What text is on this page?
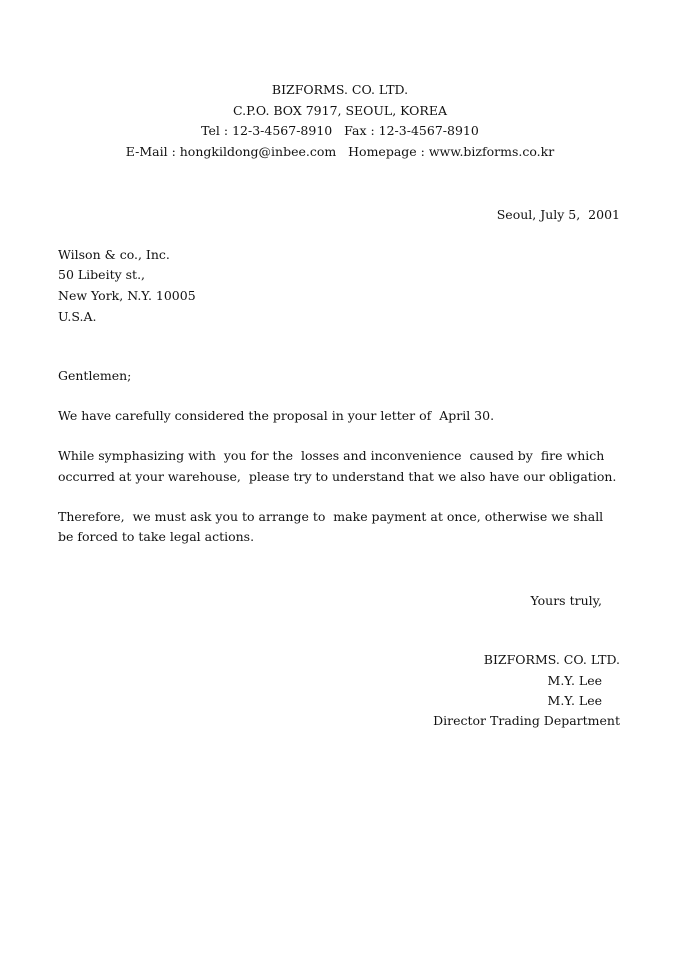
BIZFORMS. CO. LTD.
C.P.O. BOX 7917, SEOUL, KOREA
Tel : 12-3-4567-8910   Fax : 12-3-4567-8910
E-Mail : hongkildong@inbee.com   Homepage : www.bizforms.co.kr
Seoul, July 5,  2001
Wilson & co., Inc.
50 Libeity st.,
New York, N.Y. 10005
U.S.A.
Gentlemen;
We have carefully considered the proposal in your letter of  April 30.
While symphasizing with  you for the  losses and inconvenience  caused by  fire which
occurred at your warehouse,  please try to understand that we also have our obligation.
Therefore,  we must ask you to arrange to  make payment at once, otherwise we shall
be forced to take legal actions.
Yours truly,
BIZFORMS. CO. LTD.
M.Y. Lee
M.Y. Lee
Director Trading Department
